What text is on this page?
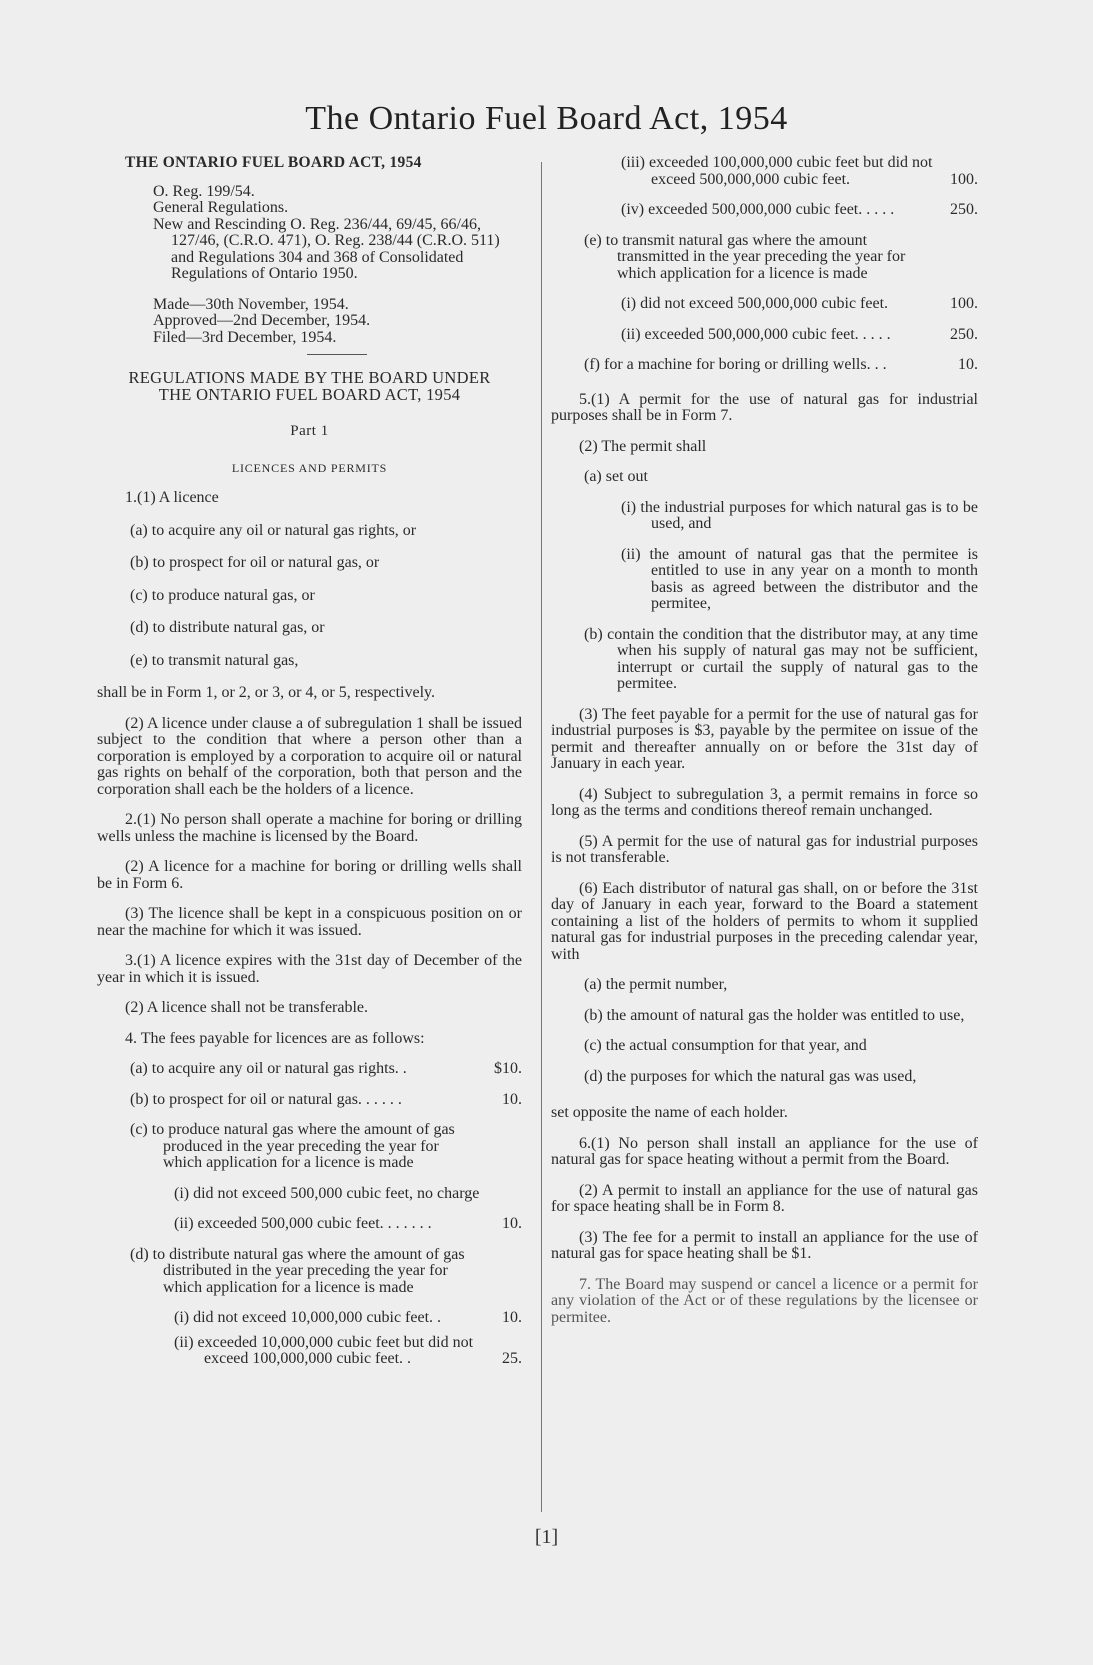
The Ontario Fuel Board Act, 1954

THE ONTARIO FUEL BOARD ACT, 1954

O. Reg. 199/54.

General Regulations.

New and Rescinding O. Reg. 236/44, 69/45, 66/46, 127/46, (C.R.O. 471), O. Reg. 238/44 (C.R.O. 511) and Regulations 304 and 368 of Consolidated Regulations of Ontario 1950.

Made—30th November, 1954.

Approved—2nd December, 1954.

Filed—3rd December, 1954.

REGULATIONS MADE BY THE BOARD UNDER

THE ONTARIO FUEL BOARD ACT, 1954

Part 1

LICENCES AND PERMITS

1.(1) A licence

(a) to acquire any oil or natural gas rights, or

(b) to prospect for oil or natural gas, or

(c) to produce natural gas, or

(d) to distribute natural gas, or

(e) to transmit natural gas,

shall be in Form 1, or 2, or 3, or 4, or 5, respectively.

(2) A licence under clause a of subregulation 1 shall be issued subject to the condition that where a person other than a corporation is employed by a corporation to acquire oil or natural gas rights on behalf of the corporation, both that person and the corporation shall each be the holders of a licence.

2.(1) No person shall operate a machine for boring or drilling wells unless the machine is licensed by the Board.

(2) A licence for a machine for boring or drilling wells shall be in Form 6.

(3) The licence shall be kept in a conspicuous position on or near the machine for which it was issued.

3.(1) A licence expires with the 31st day of December of the year in which it is issued.

(2) A licence shall not be transferable.

4. The fees payable for licences are as follows:

(a) to acquire any oil or natural gas rights. .	$10.

(b) to prospect for oil or natural gas. . . . . .	10.

(c) to produce natural gas where the amount of gas produced in the year preceding the year for which application for a licence is made

(i) did not exceed 500,000 cubic feet, no charge

(ii) exceeded 500,000 cubic feet. . . . . . .	10.

(d) to distribute natural gas where the amount of gas distributed in the year preceding the year for which application for a licence is made

(i) did not exceed 10,000,000 cubic feet. .	10.

(ii) exceeded 10,000,000 cubic feet but did not exceed 100,000,000 cubic feet. .	25.

(iii) exceeded 100,000,000 cubic feet but did not exceed 500,000,000 cubic feet.	100.

(iv) exceeded 500,000,000 cubic feet. . . . .	250.

(e) to transmit natural gas where the amount transmitted in the year preceding the year for which application for a licence is made

(i) did not exceed 500,000,000 cubic feet.	100.

(ii) exceeded 500,000,000 cubic feet. . . . .	250.

(f) for a machine for boring or drilling wells. . .	10.

5.(1) A permit for the use of natural gas for industrial purposes shall be in Form 7.

(2) The permit shall

(a) set out

(i) the industrial purposes for which natural gas is to be used, and

(ii) the amount of natural gas that the permitee is entitled to use in any year on a month to month basis as agreed between the distributor and the permitee,

(b) contain the condition that the distributor may, at any time when his supply of natural gas may not be sufficient, interrupt or curtail the supply of natural gas to the permitee.

(3) The feet payable for a permit for the use of natural gas for industrial purposes is $3, payable by the permitee on issue of the permit and thereafter annually on or before the 31st day of January in each year.

(4) Subject to subregulation 3, a permit remains in force so long as the terms and conditions thereof remain unchanged.

(5) A permit for the use of natural gas for industrial purposes is not transferable.

(6) Each distributor of natural gas shall, on or before the 31st day of January in each year, forward to the Board a statement containing a list of the holders of permits to whom it supplied natural gas for industrial purposes in the preceding calendar year, with

(a) the permit number,

(b) the amount of natural gas the holder was entitled to use,

(c) the actual consumption for that year, and

(d) the purposes for which the natural gas was used,

set opposite the name of each holder.

6.(1) No person shall install an appliance for the use of natural gas for space heating without a permit from the Board.

(2) A permit to install an appliance for the use of natural gas for space heating shall be in Form 8.

(3) The fee for a permit to install an appliance for the use of natural gas for space heating shall be $1.

7. The Board may suspend or cancel a licence or a permit for any violation of the Act or of these regulations by the licensee or permitee.

[1]
